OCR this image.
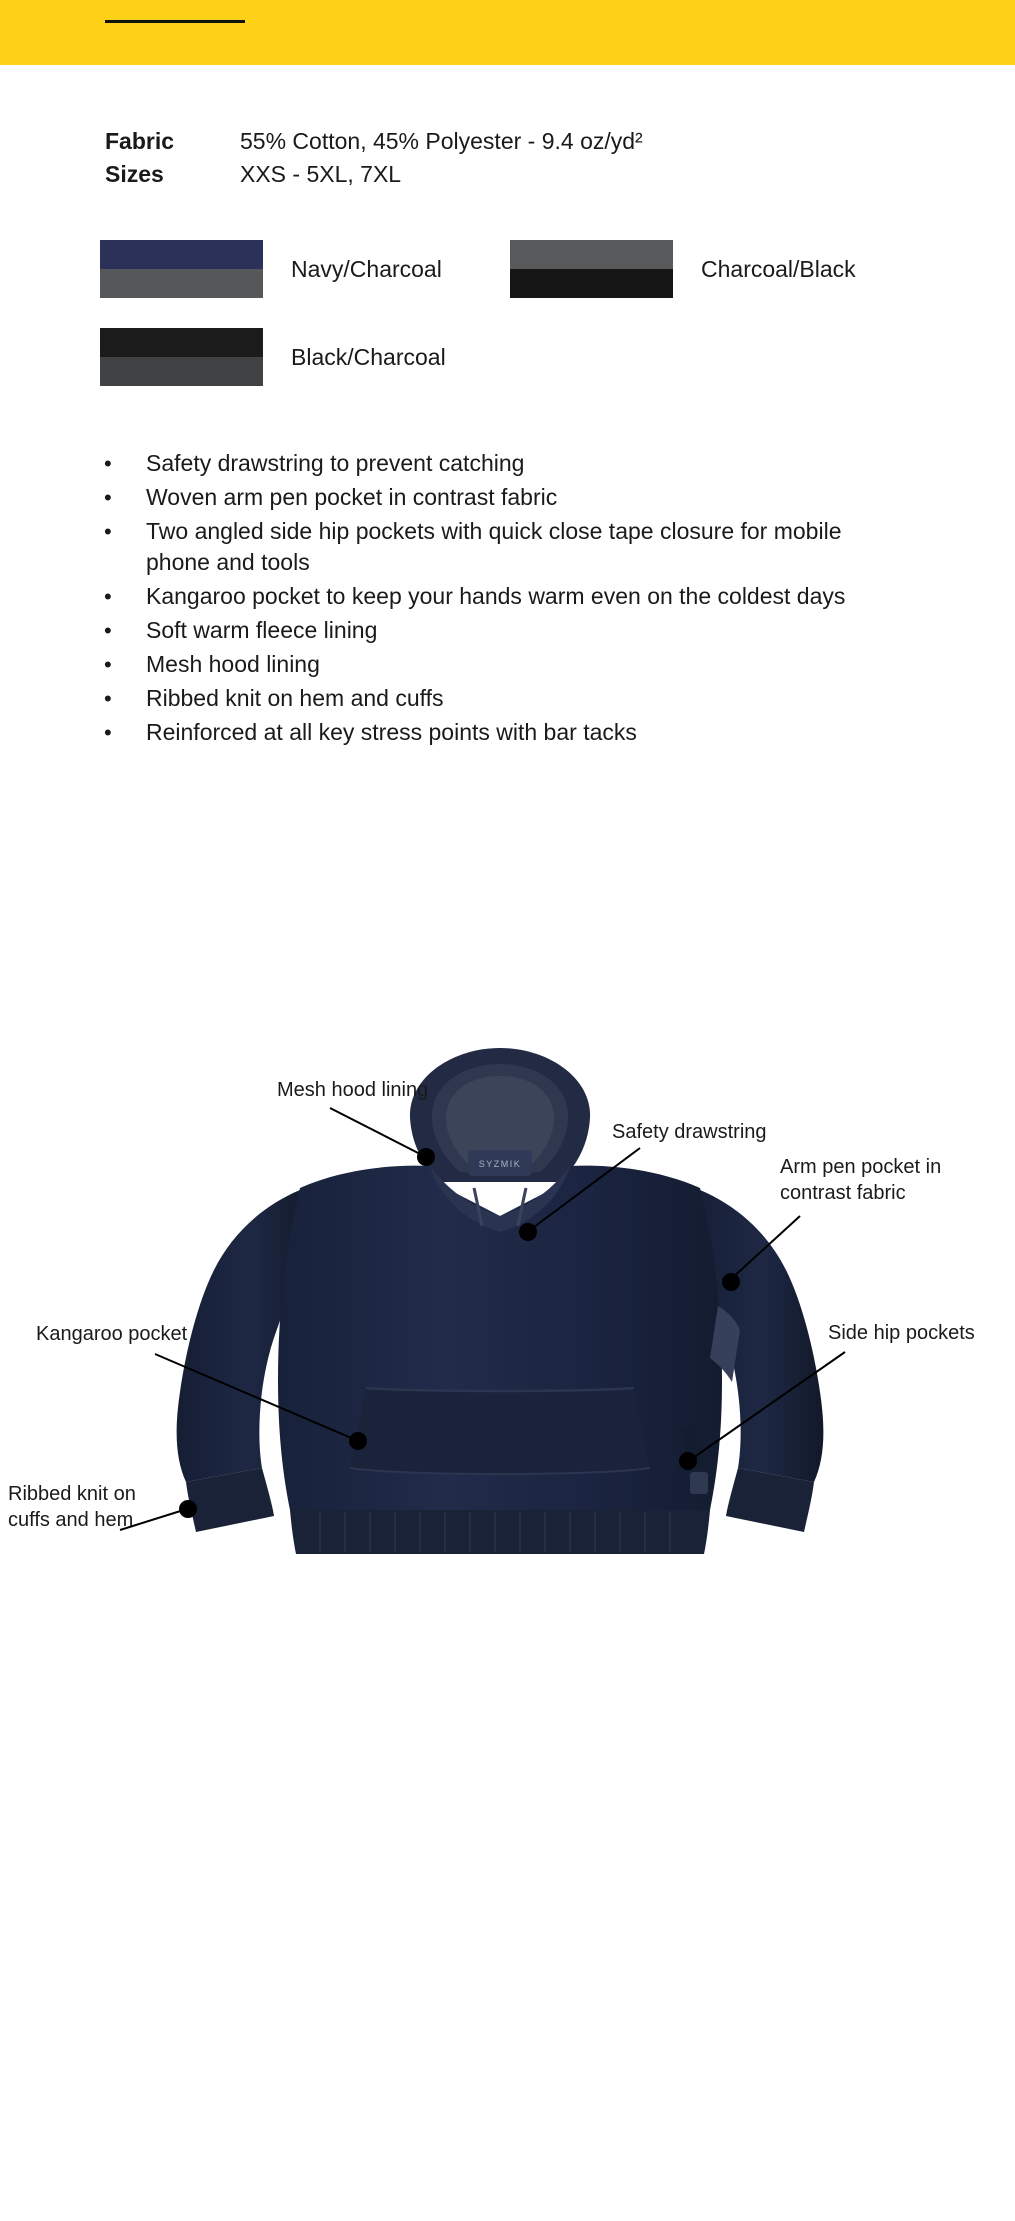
Fabric	55% Cotton, 45% Polyester - 9.4 oz/yd²
Sizes	XXS - 5XL, 7XL
Navy/Charcoal	Charcoal/Black
Black/Charcoal
•	Safety drawstring to prevent catching
•	Woven arm pen pocket in contrast fabric
•	Two angled side hip pockets with quick close tape closure for mobile phone and tools
•	Kangaroo pocket to keep your hands warm even on the coldest days
•	Soft warm fleece lining
•	Mesh hood lining
•	Ribbed knit on hem and cuffs
•	Reinforced at all key stress points with bar tacks
SYZMIK
Mesh hood lining
Safety drawstring
Arm pen pocket in contrast fabric
Side hip pockets
Kangaroo pocket
Ribbed knit on cuffs and hem
